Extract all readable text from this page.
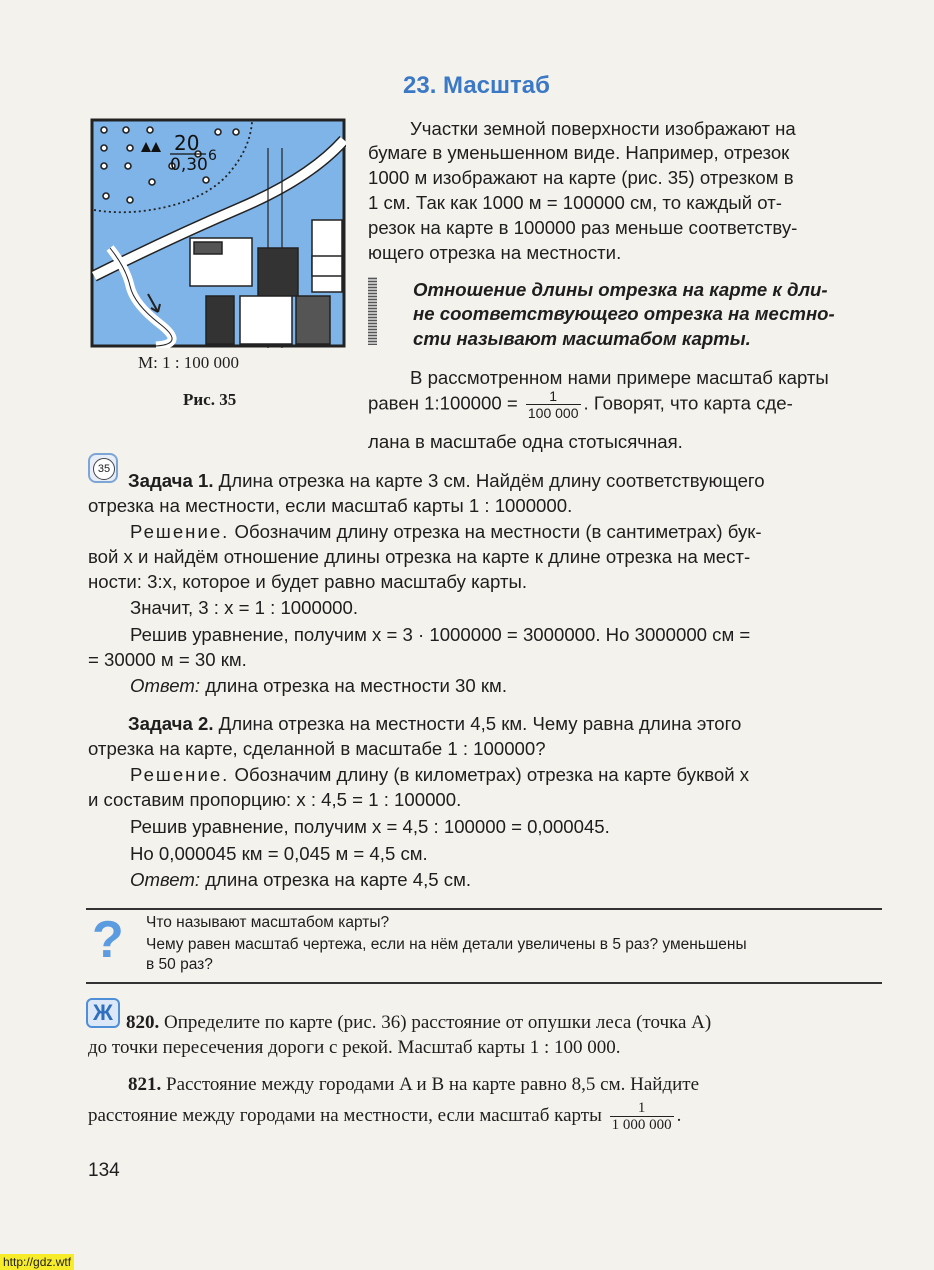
23. Масштаб
20
0,30 6
М: 1 : 100 000
Рис. 35
Участки земной поверхности изображают на
бумаге в уменьшенном виде. Например, отрезок
1000 м изображают на карте (рис. 35) отрезком в
1 см. Так как 1000 м = 100000 см, то каждый от-
резок на карте в 100000 раз меньше соответству-
ющего отрезка на местности.
Отношение длины отрезка на карте к дли-
не соответствующего отрезка на местно-
сти называют масштабом карты.
В рассмотренном нами примере масштаб карты
равен 1:100000 = $\frac{1}{100 000}$ . Говорят, что карта сде-
лана в масштабе одна стотысячная.
35
Задача 1. Длина отрезка на карте 3 см. Найдём длину соответствующего
отрезка на местности, если масштаб карты 1 : 1000000.
Решение. Обозначим длину отрезка на местности (в сантиметрах) бук-
вой x и найдём отношение длины отрезка на карте к длине отрезка на мест-
ности: 3:x, которое и будет равно масштабу карты.
Значит, 3 : x = 1 : 1000000.
Решив уравнение, получим x = 3 · 1000000 = 3000000. Но 3000000 см =
= 30000 м = 30 км.
Ответ: длина отрезка на местности 30 км.
Задача 2. Длина отрезка на местности 4,5 км. Чему равна длина этого
отрезка на карте, сделанной в масштабе 1 : 100000?
Решение. Обозначим длину (в километрах) отрезка на карте буквой x
и составим пропорцию: x : 4,5 = 1 : 100000.
Решив уравнение, получим x = 4,5 : 100000 = 0,000045.
Но 0,000045 км = 0,045 м = 4,5 см.
Ответ: длина отрезка на карте 4,5 см.
? Что называют масштабом карты?
Чему равен масштаб чертежа, если на нём детали увеличены в 5 раз? уменьшены
в 50 раз?
Ж 820. Определите по карте (рис. 36) расстояние от опушки леса (точка A)
до точки пересечения дороги с рекой. Масштаб карты 1 : 100 000.
821. Расстояние между городами A и B на карте равно 8,5 см. Найдите
расстояние между городами на местности, если масштаб карты $\frac{1}{1 000 000}$ .
134
http://gdz.wtf
